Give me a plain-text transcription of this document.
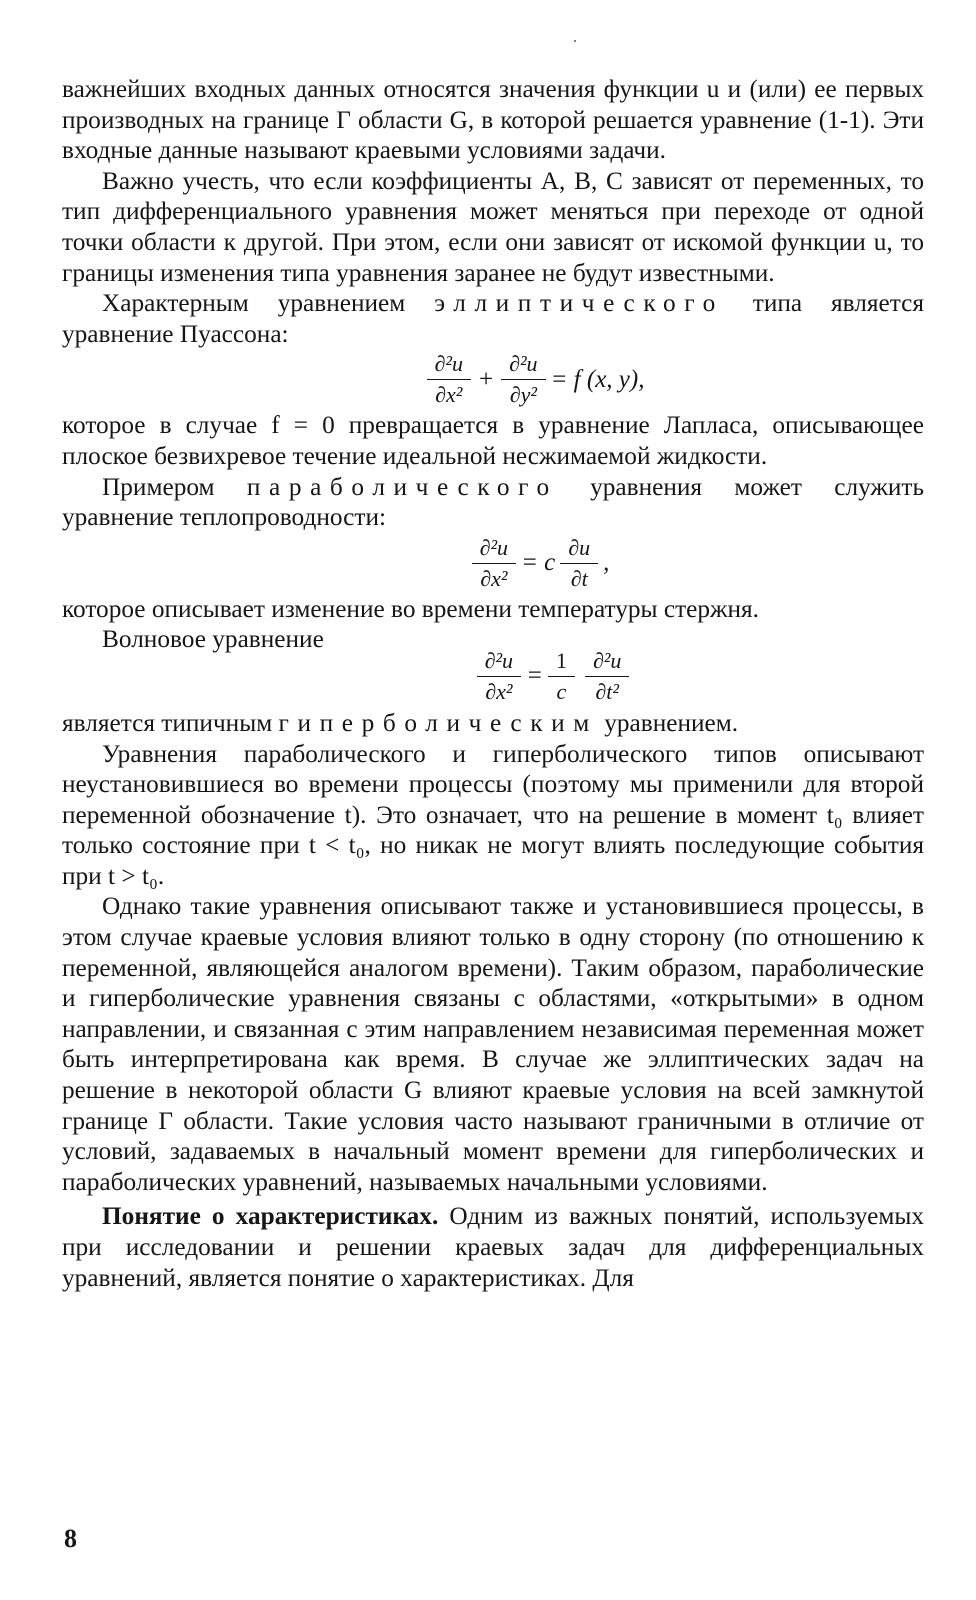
важнейших входных данных относятся значения функции u и (или) ее первых производных на границе Г области G, в которой решается уравнение (1-1). Эти входные данные называют краевыми условиями задачи.

Важно учесть, что если коэффициенты A, B, C зависят от переменных, то тип дифференциального уравнения может меняться при переходе от одной точки области к другой. При этом, если они зависят от искомой функции u, то границы изменения типа уравнения заранее не будут известными.

Характерным уравнением эллиптического типа является уравнение Пуассона:

$\frac{\text{∂²u}}{\text{∂x²}} + \frac{\text{∂²u}}{\text{∂y²}} = f$ (x, y),

которое в случае f = 0 превращается в уравнение Лапласа, описывающее плоское безвихревое течение идеальной несжимаемой жидкости.

Примером параболического уравнения может служить уравнение теплопроводности:

$\frac{\text{∂²u}}{\text{∂x²}} = c \frac{\partial u}{\partial t}$ ,

которое описывает изменение во времени температуры стержня.

Волновое уравнение

$\frac{\text{∂²u}}{\text{∂x²}} = \frac{1}{c} \frac{\text{∂²u}}{\text{∂t²}}$

является типичным гиперболическим уравнением.

Уравнения параболического и гиперболического типов описывают неустановившиеся во времени процессы (поэтому мы применили для второй переменной обозначение t). Это означает, что на решение в момент t₀ влияет только состояние при t < t₀, но никак не могут влиять последующие события при t > t₀.

Однако такие уравнения описывают также и установившиеся процессы, в этом случае краевые условия влияют только в одну сторону (по отношению к переменной, являющейся аналогом времени). Таким образом, параболические и гиперболические уравнения связаны с областями, «открытыми» в одном направлении, и связанная с этим направлением независимая переменная может быть интерпретирована как время. В случае же эллиптических задач на решение в некоторой области G влияют краевые условия на всей замкнутой границе Г области. Такие условия часто называют граничными в отличие от условий, задаваемых в начальный момент времени для гиперболических и параболических уравнений, называемых начальными условиями.

Понятие о характеристиках. Одним из важных понятий, используемых при исследовании и решении краевых задач для дифференциальных уравнений, является понятие о характеристиках. Для

8
